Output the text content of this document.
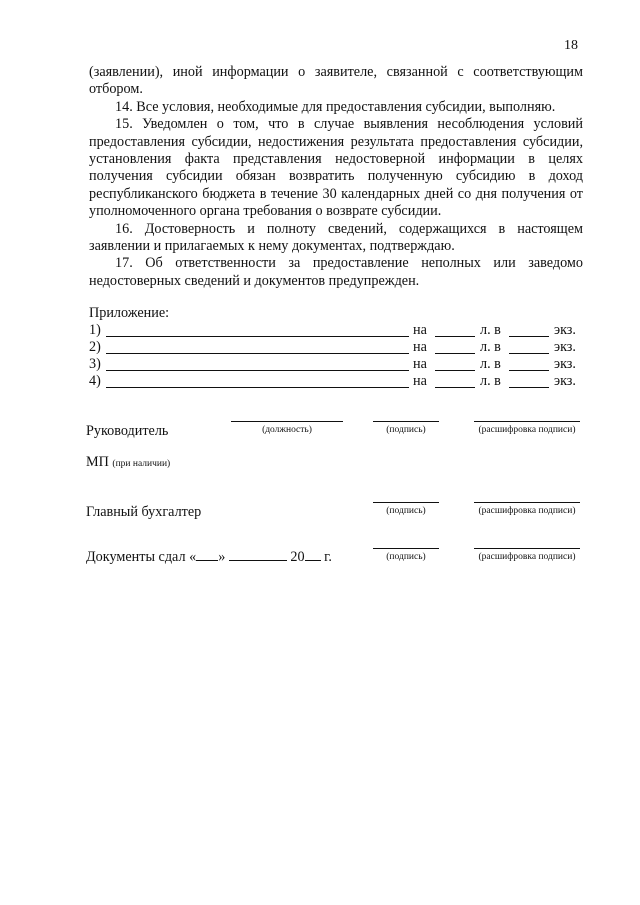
18

(заявлении), иной информации о заявителе, связанной с соответствующим отбором.

14. Все условия, необходимые для предоставления субсидии, выполняю.

15. Уведомлен о том, что в случае выявления несоблюдения условий предоставления субсидии, недостижения результата предоставления субсидии, установления факта представления недостоверной информации в целях получения субсидии обязан возвратить полученную субсидию в доход республиканского бюджета в течение 30 календарных дней со дня получения от уполномоченного органа требования о возврате субсидии.

16. Достоверность и полноту сведений, содержащихся в настоящем заявлении и прилагаемых к нему документах, подтверждаю.

17. Об ответственности за предоставление неполных или заведомо недостоверных сведений и документов предупрежден.

Приложение:
1)	на	л. в	экз.
2)	на	л. в	экз.
3)	на	л. в	экз.
4)	на	л. в	экз.
Руководитель	(должность)	(подпись)	(расшифровка подписи)
МП (при наличии)
Главный бухгалтер	(подпись)	(расшифровка подписи)
Документы сдал « »	20 г.	(подпись)	(расшифровка подписи)
